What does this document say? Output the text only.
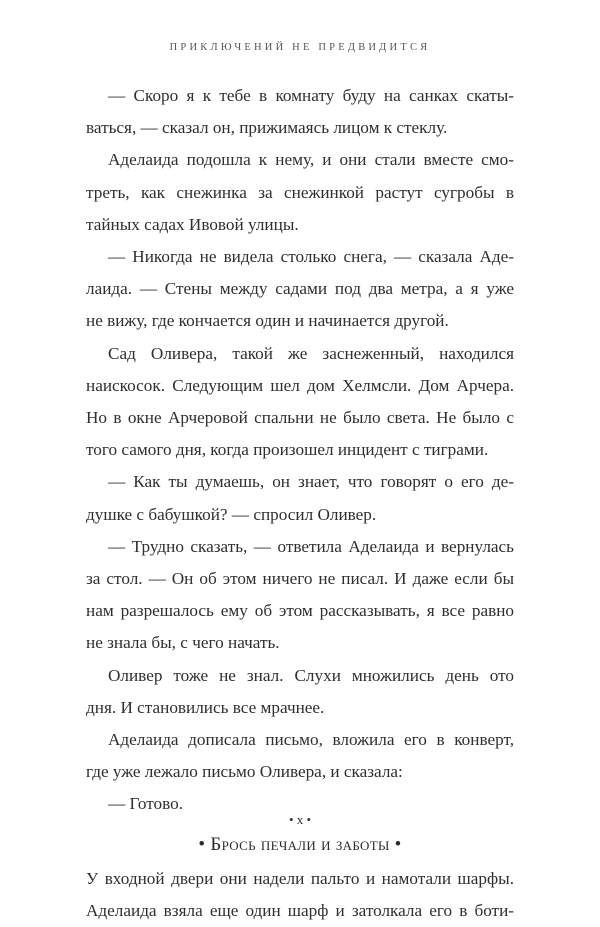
ПРИКЛЮЧЕНИЙ НЕ ПРЕДВИДИТСЯ
— Скоро я к тебе в комнату буду на санках скаты-
ваться, — сказал он, прижимаясь лицом к стеклу.
Аделаида подошла к нему, и они стали вместе смо-
треть, как снежинка за снежинкой растут сугробы в
тайных садах Ивовой улицы.
— Никогда не видела столько снега, — сказала Аде-
лаида. — Стены между садами под два метра, а я уже
не вижу, где кончается один и начинается другой.
Сад Оливера, такой же заснеженный, находился
наискосок. Следующим шел дом Хелмсли. Дом Арчера.
Но в окне Арчеровой спальни не было света. Не было с
того самого дня, когда произошел инцидент с тиграми.
— Как ты думаешь, он знает, что говорят о его де-
душке с бабушкой? — спросил Оливер.
— Трудно сказать, — ответила Аделаида и вернулась
за стол. — Он об этом ничего не писал. И даже если бы
нам разрешалось ему об этом рассказывать, я все равно
не знала бы, с чего начать.
Оливер тоже не знал. Слухи множились день ото
дня. И становились все мрачнее.
Аделаида дописала письмо, вложила его в конверт,
где уже лежало письмо Оливера, и сказала:
— Готово.
• Брось печали и заботы •
У входной двери они надели пальто и намотали шарфы.
Аделаида взяла еще один шарф и затолкала его в боти-
• x •
